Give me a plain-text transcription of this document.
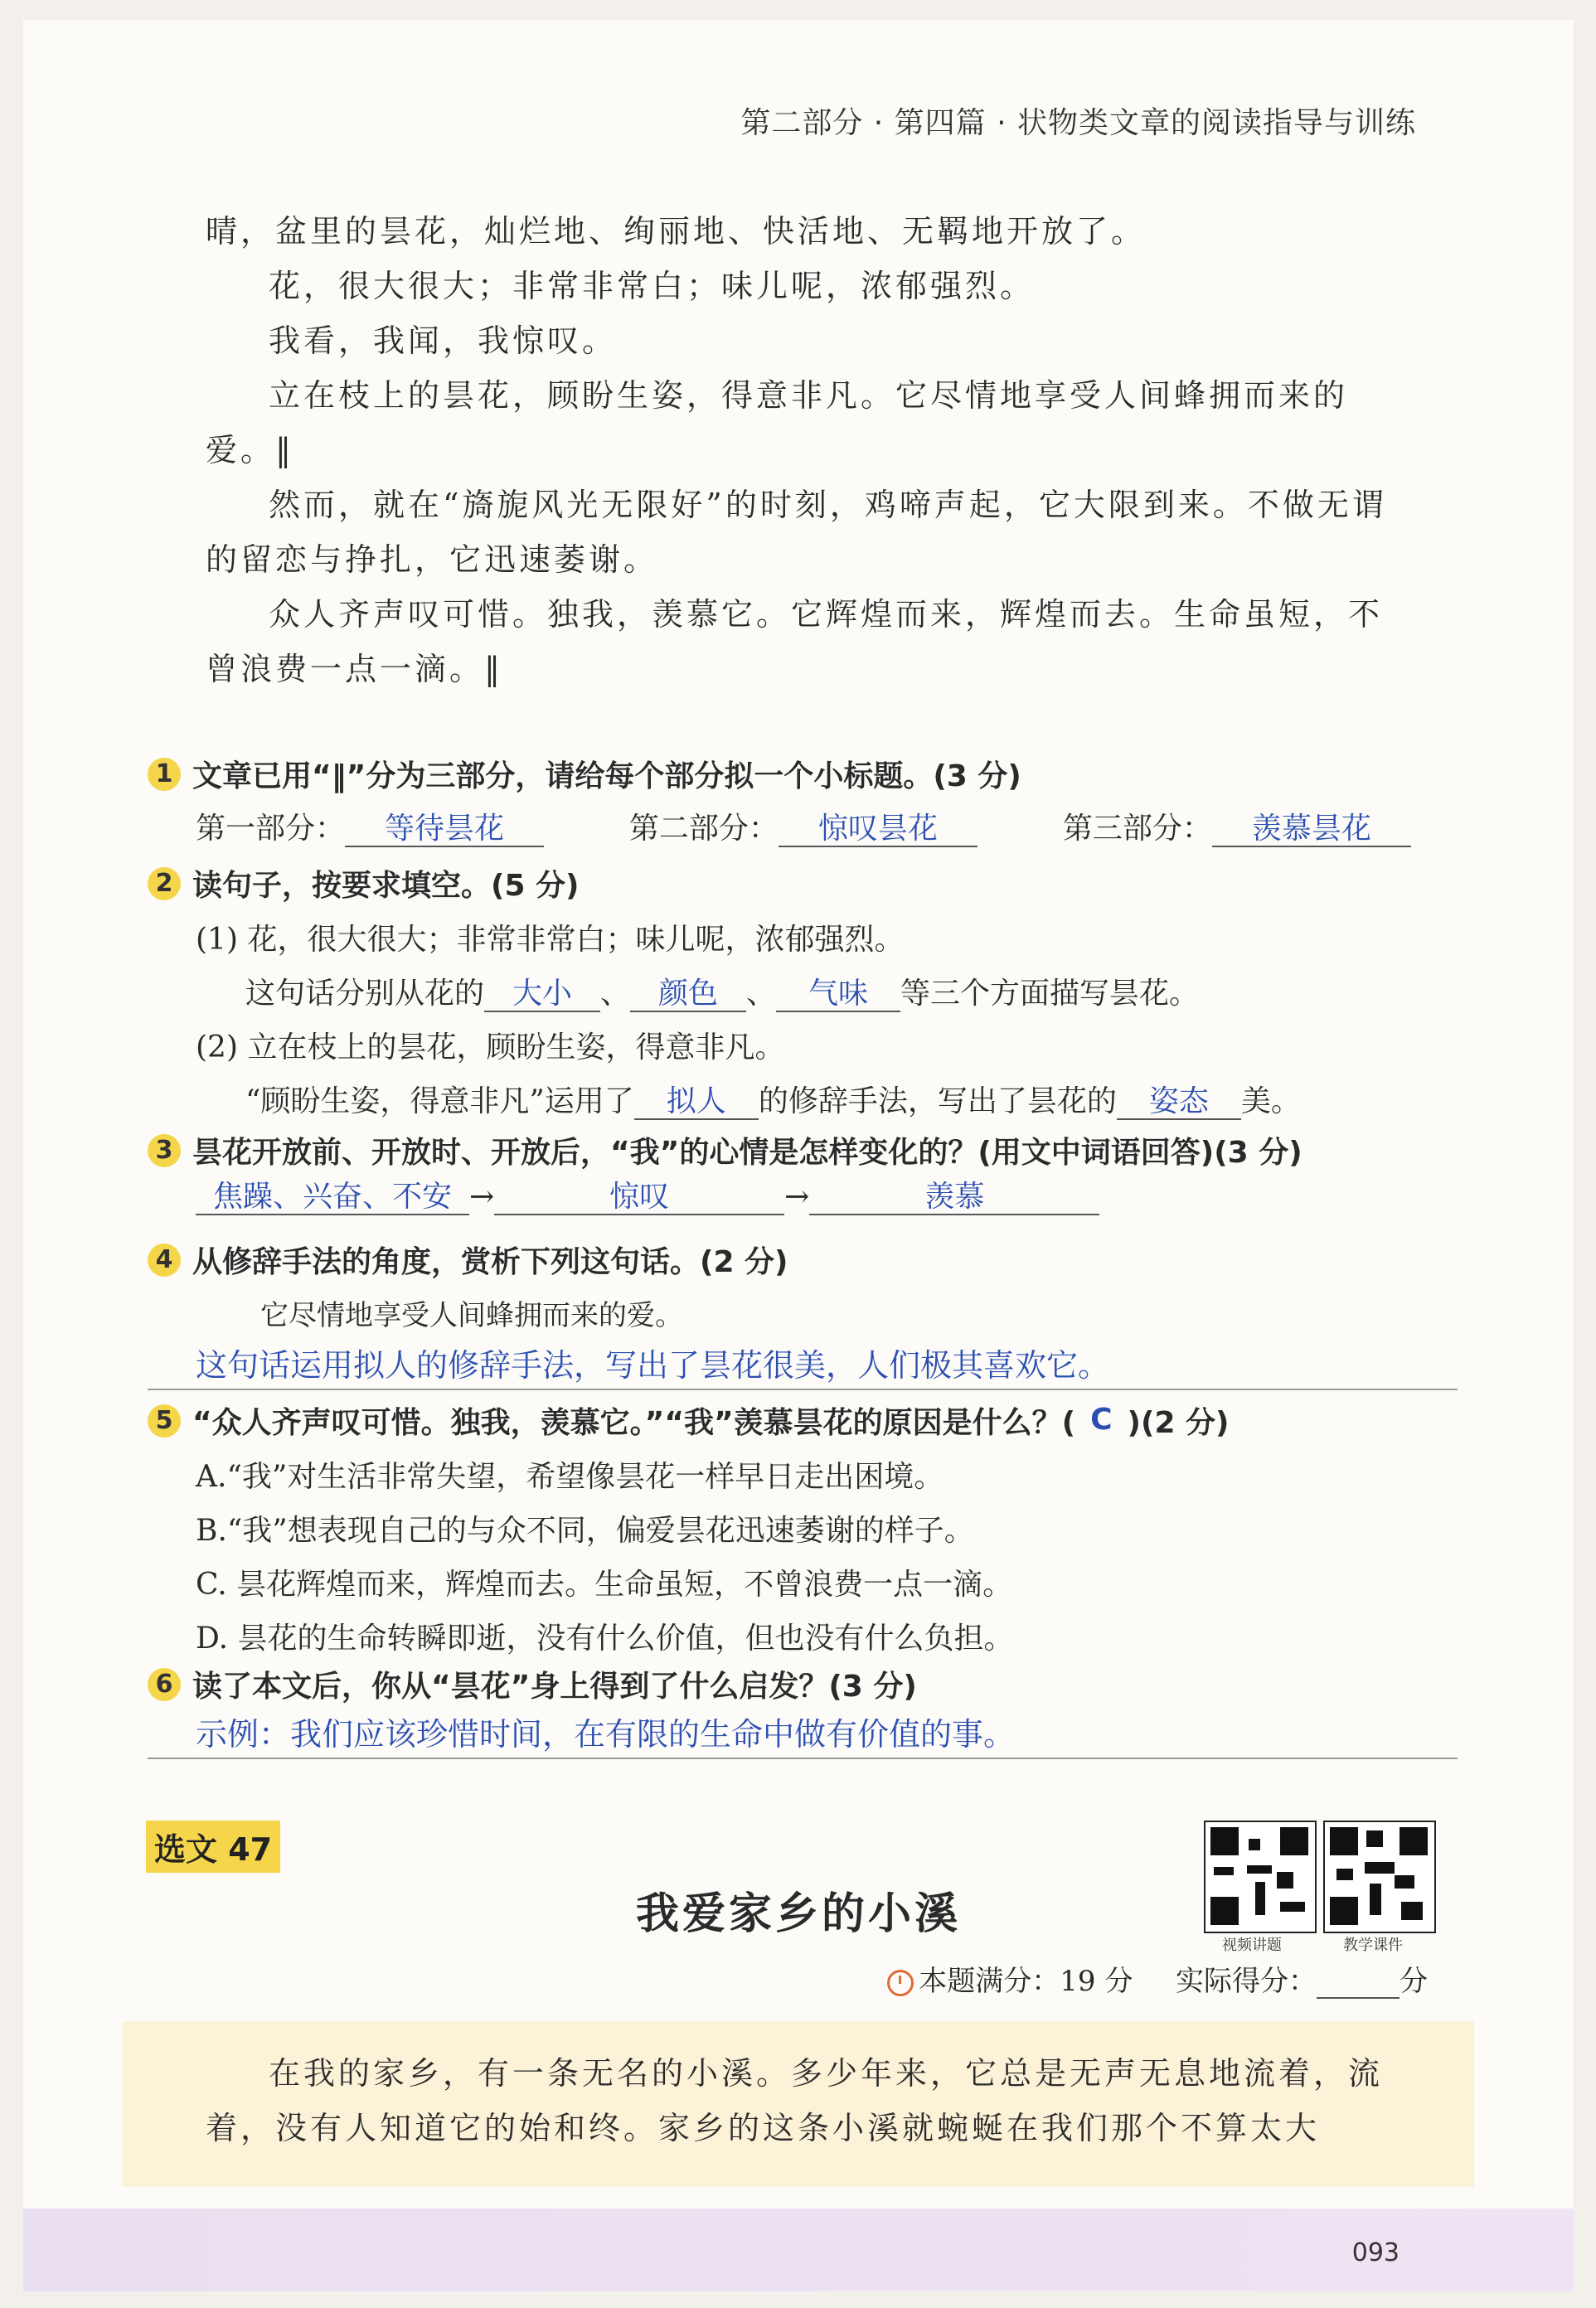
第二部分 · 第四篇 · 状物类文章的阅读指导与训练

晴，盆里的昙花，灿烂地、绚丽地、快活地、无羁地开放了。

花，很大很大；非常非常白；味儿呢，浓郁强烈。

我看，我闻，我惊叹。

立在枝上的昙花，顾盼生姿，得意非凡。它尽情地享受人间蜂拥而来的爱。‖

然而，就在“旖旎风光无限好”的时刻，鸡啼声起，它大限到来。不做无谓的留恋与挣扎，它迅速萎谢。

众人齐声叹可惜。独我，羡慕它。它辉煌而来，辉煌而去。生命虽短，不曾浪费一点一滴。‖

1 文章已用“‖”分为三部分，请给每个部分拟一个小标题。(3 分)
第一部分： 等待昙花	第二部分： 惊叹昙花	第三部分： 羡慕昙花
2 读句子，按要求填空。(5 分)
(1) 花，很大很大；非常非常白；味儿呢，浓郁强烈。
这句话分别从花的 大小 、 颜色 、 气味 等三个方面描写昙花。
(2) 立在枝上的昙花，顾盼生姿，得意非凡。
“顾盼生姿，得意非凡”运用了 拟人 的修辞手法，写出了昙花的 姿态 美。
3 昙花开放前、开放时、开放后，“我”的心情是怎样变化的？(用文中词语回答)(3 分)
焦躁、兴奋、不安 →	惊叹	→	羡慕
4 从修辞手法的角度，赏析下列这句话。(2 分)
它尽情地享受人间蜂拥而来的爱。
这句话运用拟人的修辞手法，写出了昙花很美，人们极其喜欢它。
5 “众人齐声叹可惜。独我，羡慕它。”“我”羡慕昙花的原因是什么？( C )(2 分)
A.“我”对生活非常失望，希望像昙花一样早日走出困境。
B.“我”想表现自己的与众不同，偏爱昙花迅速萎谢的样子。
C. 昙花辉煌而来，辉煌而去。生命虽短，不曾浪费一点一滴。
D. 昙花的生命转瞬即逝，没有什么价值，但也没有什么负担。
6 读了本文后，你从“昙花”身上得到了什么启发？(3 分)
示例：我们应该珍惜时间，在有限的生命中做有价值的事。
选文 47
我爱家乡的小溪
视频讲题	教学课件
本题满分：19 分 实际得分：	分

在我的家乡，有一条无名的小溪。多少年来，它总是无声无息地流着，流着，没有人知道它的始和终。家乡的这条小溪就蜿蜒在我们那个不算太大

093
